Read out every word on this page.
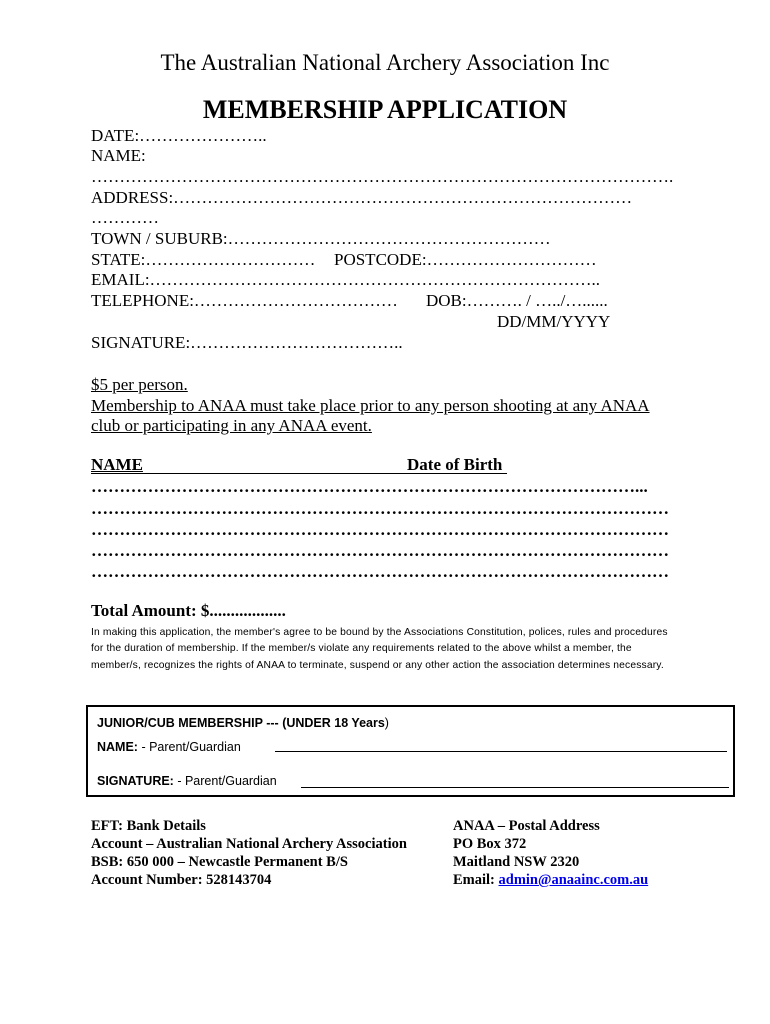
The Australian National Archery Association Inc
MEMBERSHIP APPLICATION
DATE:…………………..
NAME:
………………………………………………………………………………………….
ADDRESS:………………………………………………………………………
…………
TOWN / SUBURB:…………………………………………………
STATE:………………………… POSTCODE:…………………………
EMAIL:……………………………………………………………………..
TELEPHONE:……………………………… DOB:………. / …../…......
DD/MM/YYYY
SIGNATURE:………………………………..
$5 per person.
Membership to ANAA must take place prior to any person shooting at any ANAA
club or participating in any ANAA event.
NAME	Date of Birth
……………………………………………………………………………………...
…………………………………………………………………………………………
…………………………………………………………………………………………
…………………………………………………………………………………………
…………………………………………………………………………………………
Total Amount: $..................
In making this application, the member's agree to be bound by the Associations Constitution, polices, rules and procedures for the duration of membership. If the member/s violate any requirements related to the above whilst a member, the member/s, recognizes the rights of ANAA to terminate, suspend or any other action the association determines necessary.
JUNIOR/CUB MEMBERSHIP --- (UNDER 18 Years)
NAME: - Parent/Guardian
SIGNATURE: - Parent/Guardian
EFT: Bank Details
Account – Australian National Archery Association
BSB: 650 000 – Newcastle Permanent B/S
Account Number: 528143704
ANAA – Postal Address
PO Box 372
Maitland NSW 2320
Email: admin@anaainc.com.au
